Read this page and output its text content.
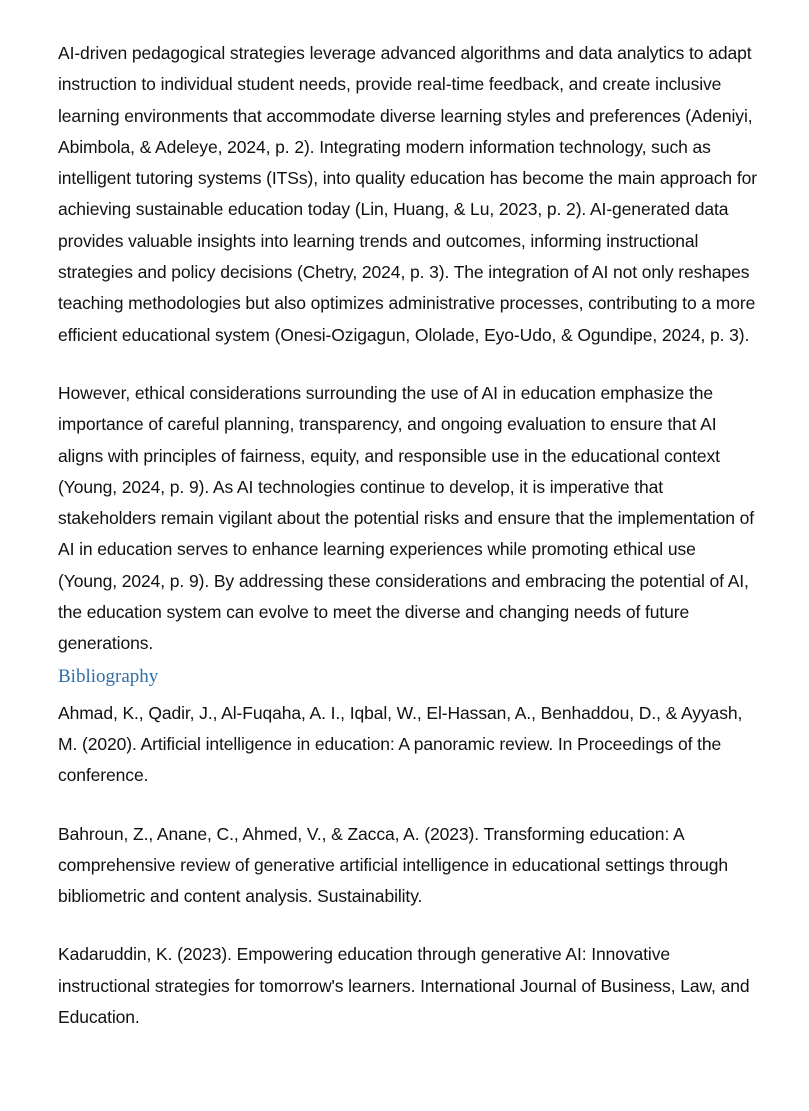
AI-driven pedagogical strategies leverage advanced algorithms and data analytics to adapt instruction to individual student needs, provide real-time feedback, and create inclusive learning environments that accommodate diverse learning styles and preferences (Adeniyi, Abimbola, & Adeleye, 2024, p. 2). Integrating modern information technology, such as intelligent tutoring systems (ITSs), into quality education has become the main approach for achieving sustainable education today (Lin, Huang, & Lu, 2023, p. 2). AI-generated data provides valuable insights into learning trends and outcomes, informing instructional strategies and policy decisions (Chetry, 2024, p. 3). The integration of AI not only reshapes teaching methodologies but also optimizes administrative processes, contributing to a more efficient educational system (Onesi-Ozigagun, Ololade, Eyo-Udo, & Ogundipe, 2024, p. 3).

However, ethical considerations surrounding the use of AI in education emphasize the importance of careful planning, transparency, and ongoing evaluation to ensure that AI aligns with principles of fairness, equity, and responsible use in the educational context (Young, 2024, p. 9). As AI technologies continue to develop, it is imperative that stakeholders remain vigilant about the potential risks and ensure that the implementation of AI in education serves to enhance learning experiences while promoting ethical use (Young, 2024, p. 9). By addressing these considerations and embracing the potential of AI, the education system can evolve to meet the diverse and changing needs of future generations.

Bibliography

Ahmad, K., Qadir, J., Al-Fuqaha, A. I., Iqbal, W., El-Hassan, A., Benhaddou, D., & Ayyash, M. (2020). Artificial intelligence in education: A panoramic review. In Proceedings of the conference.

Bahroun, Z., Anane, C., Ahmed, V., & Zacca, A. (2023). Transforming education: A comprehensive review of generative artificial intelligence in educational settings through bibliometric and content analysis. Sustainability.

Kadaruddin, K. (2023). Empowering education through generative AI: Innovative instructional strategies for tomorrow's learners. International Journal of Business, Law, and Education.
